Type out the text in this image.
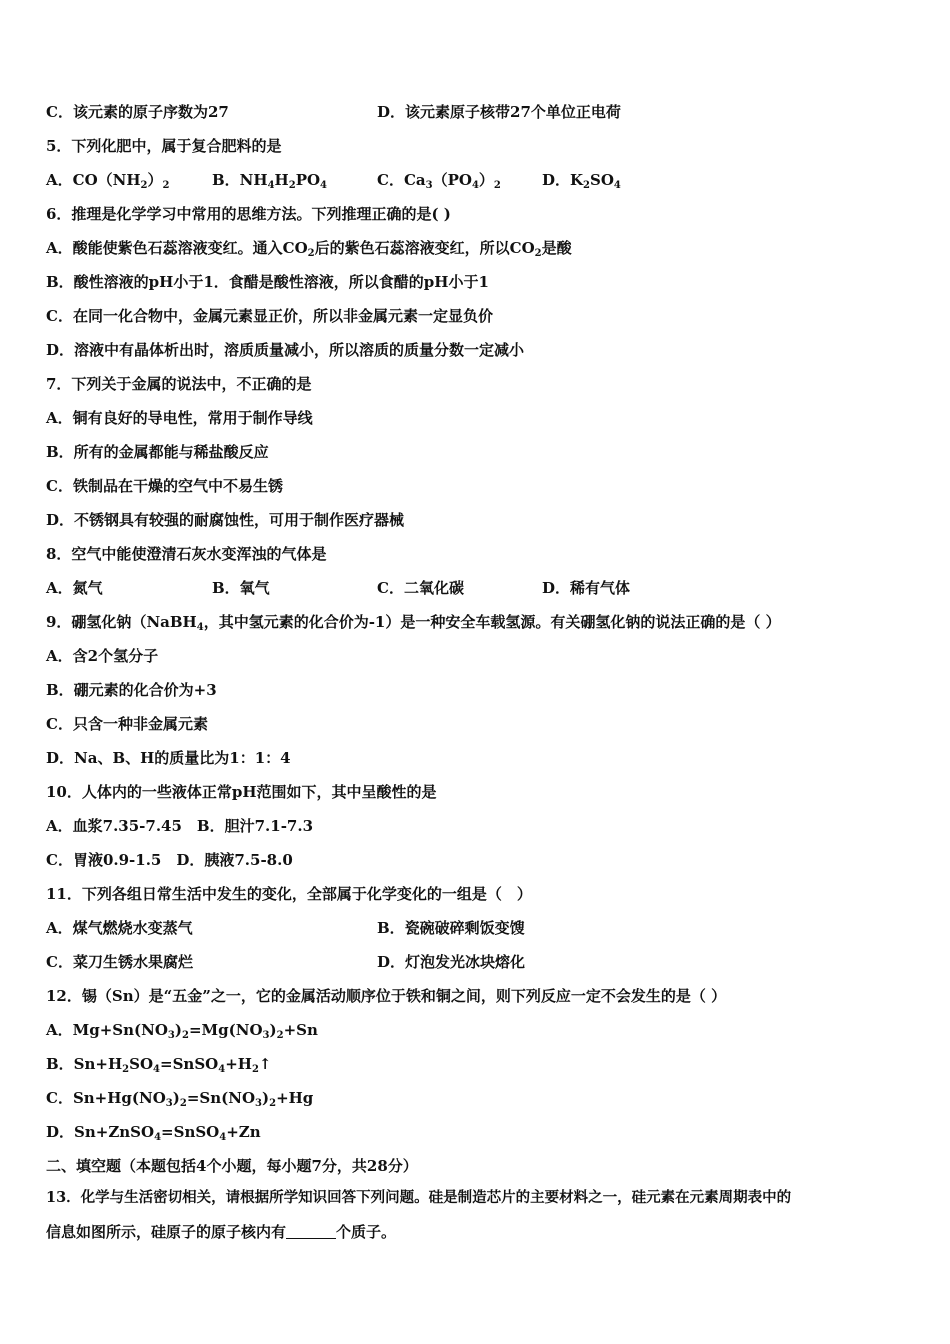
C．该元素的原子序数为27	D．该元素原子核带27个单位正电荷
5．下列化肥中，属于复合肥料的是
A．$CO(NH_2)_2$	B．$NH_4H_2PO_4$	C．$Ca_3(PO_4)_2$	D．$K_2SO_4$
6．推理是化学学习中常用的思维方法。下列推理正确的是( )
A．酸能使紫色石蕊溶液变红。通入$CO_2$后的紫色石蕊溶液变红，所以$CO_2$是酸
B．酸性溶液的pH小于1．食醋是酸性溶液，所以食醋的pH小于1
C．在同一化合物中，金属元素显正价，所以非金属元素一定显负价
D．溶液中有晶体析出时，溶质质量减小，所以溶质的质量分数一定减小
7．下列关于金属的说法中，不正确的是
A．铜有良好的导电性，常用于制作导线
B．所有的金属都能与稀盐酸反应
C．铁制品在干燥的空气中不易生锈
D．不锈钢具有较强的耐腐蚀性，可用于制作医疗器械
8．空气中能使澄清石灰水变浑浊的气体是
A．氮气	B．氧气	C．二氧化碳	D．稀有气体
9．硼氢化钠（NaBH$_4$，其中氢元素的化合价为-1）是一种安全车载氢源。有关硼氢化钠的说法正确的是（ ）
A．含2个氢分子
B．硼元素的化合价为+3
C．只含一种非金属元素
D．Na、B、H的质量比为1：1：4
10．人体内的一些液体正常pH范围如下，其中呈酸性的是
A．血浆7.35-7.45　B．胆汁7.1-7.3
C．胃液0.9-1.5　D．胰液7.5-8.0
11．下列各组日常生活中发生的变化，全部属于化学变化的一组是（　）
A．煤气燃烧水变蒸气	B．瓷碗破碎剩饭变馊
C．菜刀生锈水果腐烂	D．灯泡发光冰块熔化
12．锡（Sn）是“五金”之一，它的金属活动顺序位于铁和铜之间，则下列反应一定不会发生的是（ ）
A．$Mg+Sn(NO_3)_2=Mg(NO_3)_2+Sn$
B．$Sn+H_2SO_4=SnSO_4+H_2↑$
C．$Sn+Hg(NO_3)_2=Sn(NO_3)_2+Hg$
D．Sn+ZnSO$_4$=SnSO$_4$+Zn
二、填空题（本题包括4个小题，每小题7分，共28分）
13．化学与生活密切相关，请根据所学知识回答下列问题。硅是制造芯片的主要材料之一，硅元素在元素周期表中的
信息如图所示，硅原子的原子核内有	个质子。
